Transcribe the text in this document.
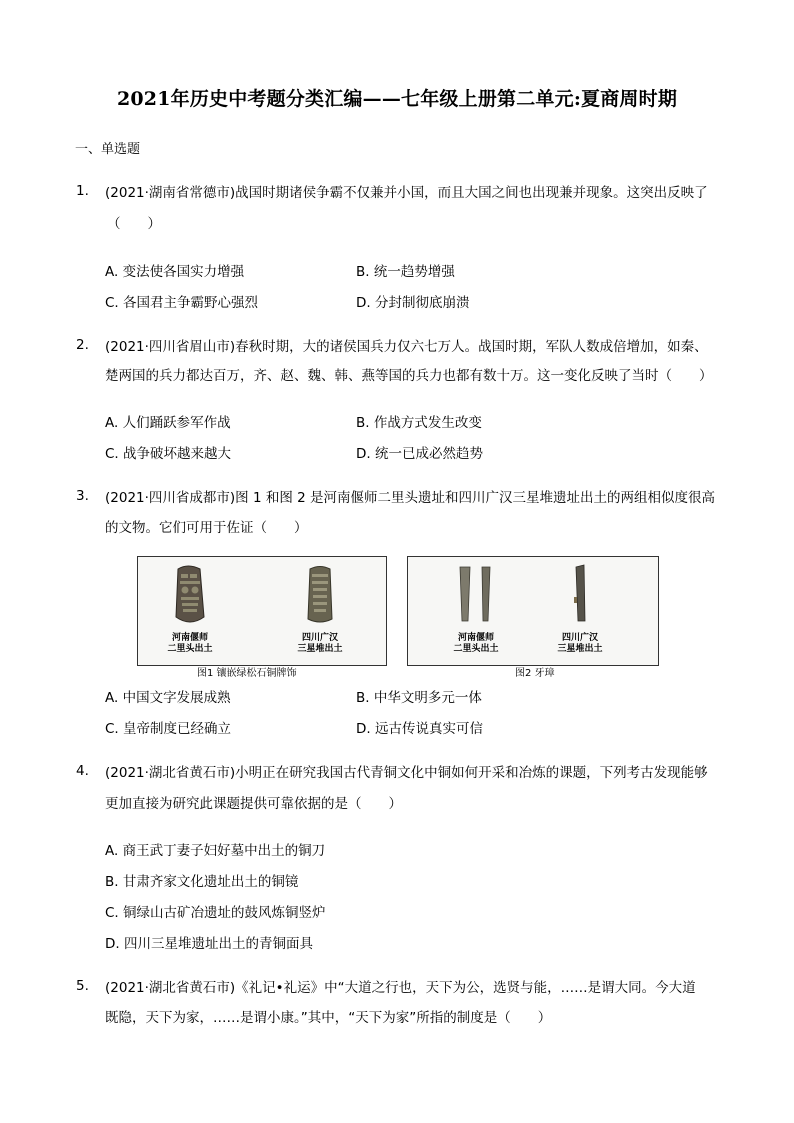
2021年历史中考题分类汇编——七年级上册第二单元:夏商周时期
一、单选题
1. (2021·湖南省常德市)战国时期诸侯争霸不仅兼并小国，而且大国之间也出现兼并现象。这突出反映了
（　　）
A. 变法使各国实力增强	B. 统一趋势增强
C. 各国君主争霸野心强烈	D. 分封制彻底崩溃
2. (2021·四川省眉山市)春秋时期，大的诸侯国兵力仅六七万人。战国时期，军队人数成倍增加，如秦、
楚两国的兵力都达百万，齐、赵、魏、韩、燕等国的兵力也都有数十万。这一变化反映了当时（　　）
A. 人们踊跃参军作战	B. 作战方式发生改变
C. 战争破坏越来越大	D. 统一已成必然趋势
3. (2021·四川省成都市)图 1 和图 2 是河南偃师二里头遗址和四川广汉三星堆遗址出土的两组相似度很高
的文物。它们可用于佐证（　　）
河南偃师
二里头出土
四川广汉
三星堆出土
图1 镶嵌绿松石铜牌饰
河南偃师
二里头出土
四川广汉
三星堆出土
图2 牙璋
A. 中国文字发展成熟	B. 中华文明多元一体
C. 皇帝制度已经确立	D. 远古传说真实可信
4. (2021·湖北省黄石市)小明正在研究我国古代青铜文化中铜如何开采和冶炼的课题，下列考古发现能够
更加直接为研究此课题提供可靠依据的是（　　）
A. 商王武丁妻子妇好墓中出土的铜刀
B. 甘肃齐家文化遗址出土的铜镜
C. 铜绿山古矿冶遗址的鼓风炼铜竖炉
D. 四川三星堆遗址出土的青铜面具
5. (2021·湖北省黄石市)《礼记•礼运》中“大道之行也，天下为公，选贤与能，……是谓大同。今大道
既隐，天下为家，……是谓小康。”其中，“天下为家”所指的制度是（　　）
